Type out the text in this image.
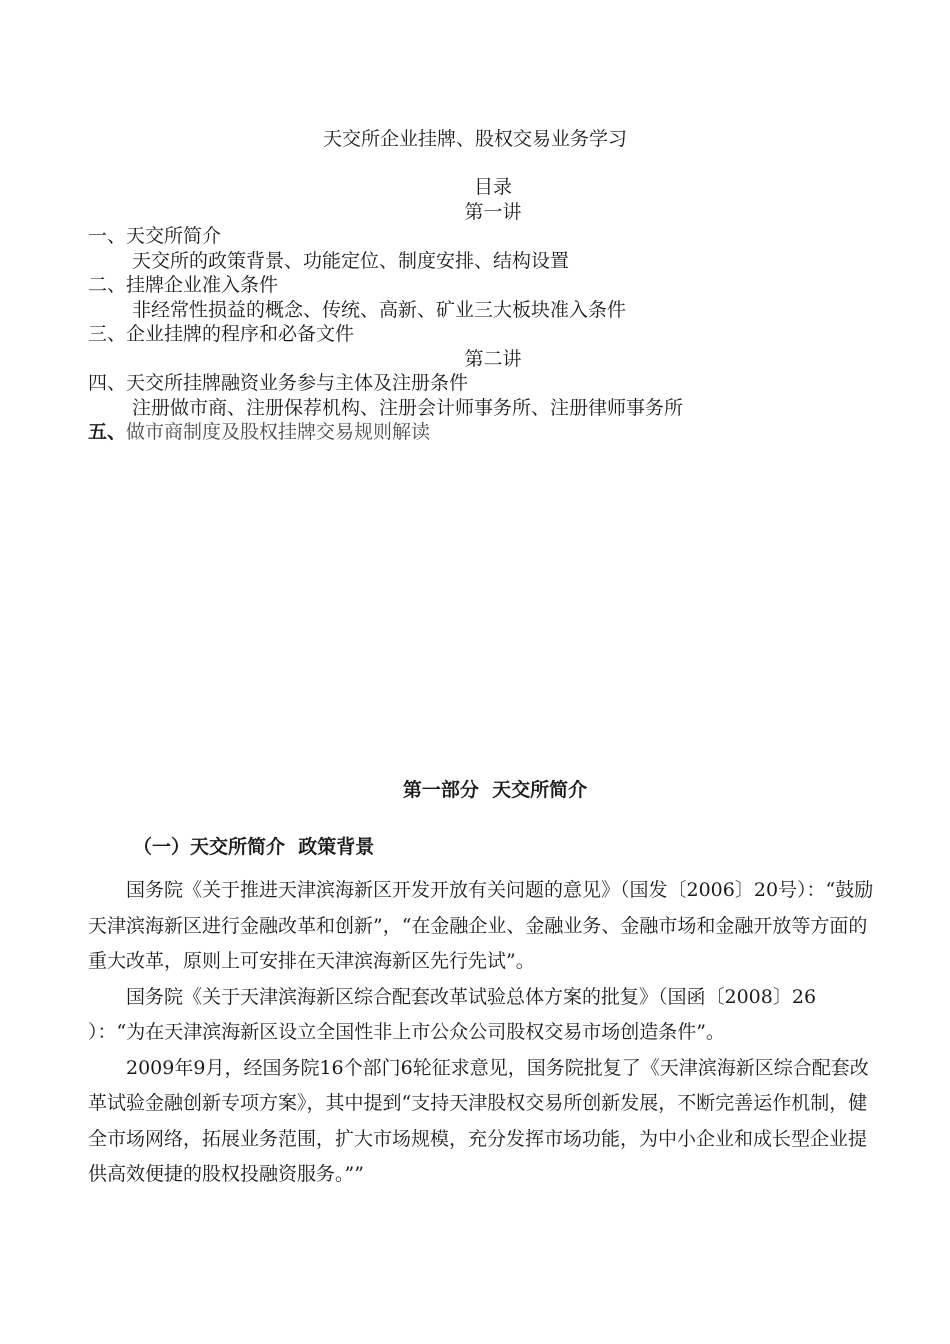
天交所企业挂牌、股权交易业务学习
目录
第一讲
一、天交所简介
天交所的政策背景、功能定位、制度安排、结构设置
二、挂牌企业准入条件
非经常性损益的概念、传统、高新、矿业三大板块准入条件
三、企业挂牌的程序和必备文件
第二讲
四、天交所挂牌融资业务参与主体及注册条件
注册做市商、注册保荐机构、注册会计师事务所、注册律师事务所
五、做市商制度及股权挂牌交易规则解读
第一部分  天交所简介
（一）天交所简介  政策背景

国务院《关于推进天津滨海新区开发开放有关问题的意见》（国发〔2006〕20号）：“鼓励天津滨海新区进行金融改革和创新”，“在金融企业、金融业务、金融市场和金融开放等方面的重大改革，原则上可安排在天津滨海新区先行先试”。

国务院《关于天津滨海新区综合配套改革试验总体方案的批复》（国函〔2008〕26 ）：“为在天津滨海新区设立全国性非上市公众公司股权交易市场创造条件”。

2009年9月，经国务院16个部门6轮征求意见，国务院批复了《天津滨海新区综合配套改革试验金融创新专项方案》，其中提到“支持天津股权交易所创新发展，不断完善运作机制，健全市场网络，拓展业务范围，扩大市场规模，充分发挥市场功能，为中小企业和成长型企业提供高效便捷的股权投融资服务。””
